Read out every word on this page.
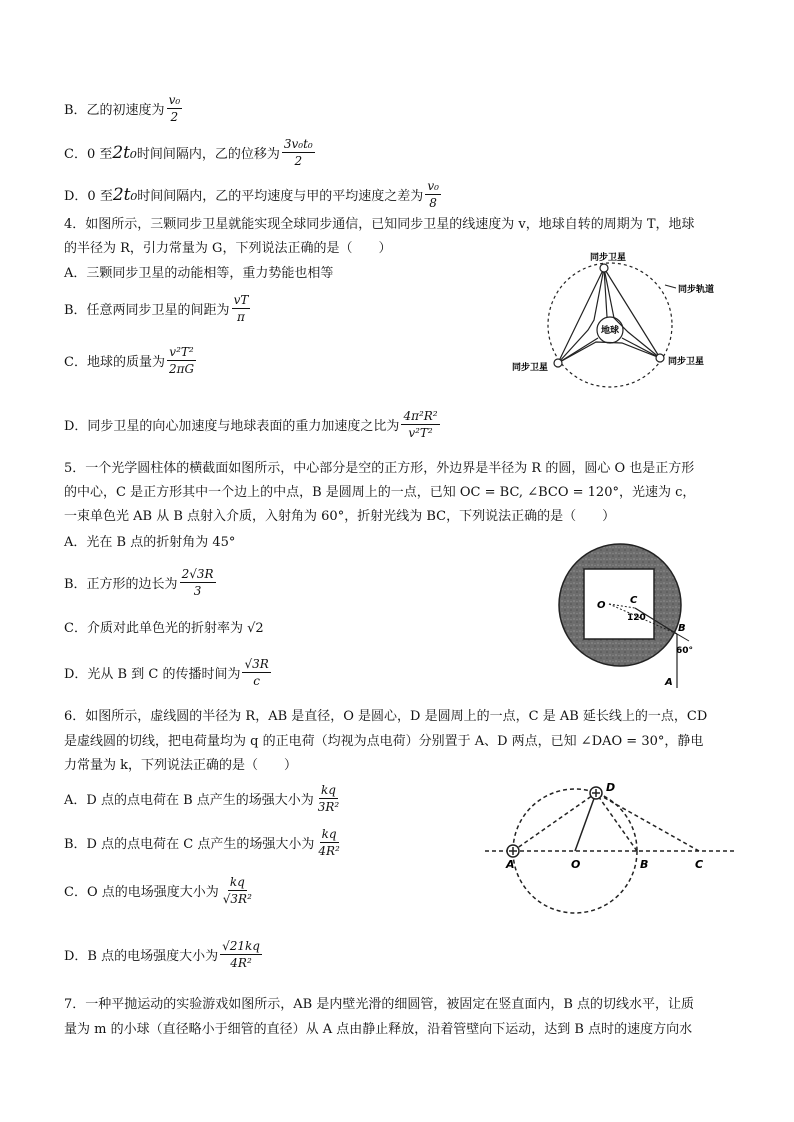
B．乙的初速度为 $\frac{\text{v₀}}{2}$
C．0 至 2t₀ 时间间隔内，乙的位移为 $\frac{\text{3v₀t₀}}{2}$
D．0 至 2t₀ 时间间隔内，乙的平均速度与甲的平均速度之差为 $\frac{\text{v₀}}{8}$
4．如图所示，三颗同步卫星就能实现全球同步通信，已知同步卫星的线速度为 v，地球自转的周期为 T，地球
的半径为 R，引力常量为 G，下列说法正确的是（　　）
A．三颗同步卫星的动能相等，重力势能也相等
B．任意两同步卫星的间距为 $\frac{vT}{\pi}$
C．地球的质量为 $\frac{\text{v²T²}}{2\pi G}$
D．同步卫星的向心加速度与地球表面的重力加速度之比为 $\frac{\text{4π²R²}}{\text{v²T²}}$
地球
同步卫星
同步轨道
同步卫星
同步卫星
5．一个光学圆柱体的横截面如图所示，中心部分是空的正方形，外边界是半径为 R 的圆，圆心 O 也是正方形
的中心，C 是正方形其中一个边上的中点，B 是圆周上的一点，已知 OC = BC, ∠BCO = 120°，光速为 c，
一束单色光 AB 从 B 点射入介质，入射角为 60°，折射光线为 BC，下列说法正确的是（　　）
A．光在 B 点的折射角为 45°
B．正方形的边长为 $\frac{2√3R}{3}$
C．介质对此单色光的折射率为 √2
D．光从 B 到 C 的传播时间为 $\frac{√3R}{c}$
O C
120
B
60°
A
6．如图所示，虚线圆的半径为 R，AB 是直径，O 是圆心，D 是圆周上的一点，C 是 AB 延长线上的一点，CD
是虚线圆的切线，把电荷量均为 q 的正电荷（均视为点电荷）分别置于 A、D 两点，已知 ∠DAO = 30°，静电
力常量为 k，下列说法正确的是（　　）
A．D 点的点电荷在 B 点产生的场强大小为 $\frac{kq}{\text{3R²}}$
B．D 点的点电荷在 C 点产生的场强大小为 $\frac{kq}{\text{4R²}}$
C．O 点的电场强度大小为 $\frac{kq}{\text{√3R²}}$
D．B 点的电场强度大小为 $\frac{√21kq}{\text{4R²}}$
D
A	O	B	C
7．一种平抛运动的实验游戏如图所示，AB 是内壁光滑的细圆管，被固定在竖直面内，B 点的切线水平，让质
量为 m 的小球（直径略小于细管的直径）从 A 点由静止释放，沿着管壁向下运动，达到 B 点时的速度方向水
